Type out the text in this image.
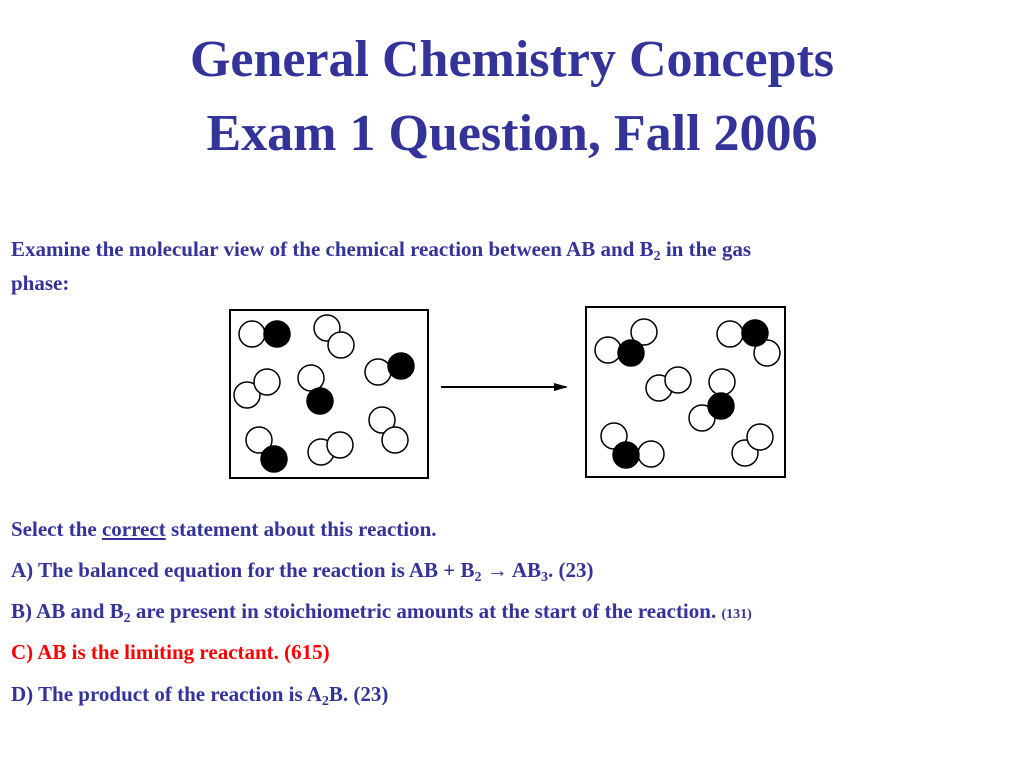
General Chemistry Concepts
Exam 1 Question, Fall 2006
Examine the molecular view of the chemical reaction between AB and $B_2$ in the gas
phase:
Select the correct statement about this reaction.
A) The balanced equation for the reaction is AB + $B_2 \to AB_3$. (23)
B) AB and $B_2$ are present in stoichiometric amounts at the start of the reaction. (131)
C) AB is the limiting reactant. (615)
D) The product of the reaction is $A_2B$. (23)
